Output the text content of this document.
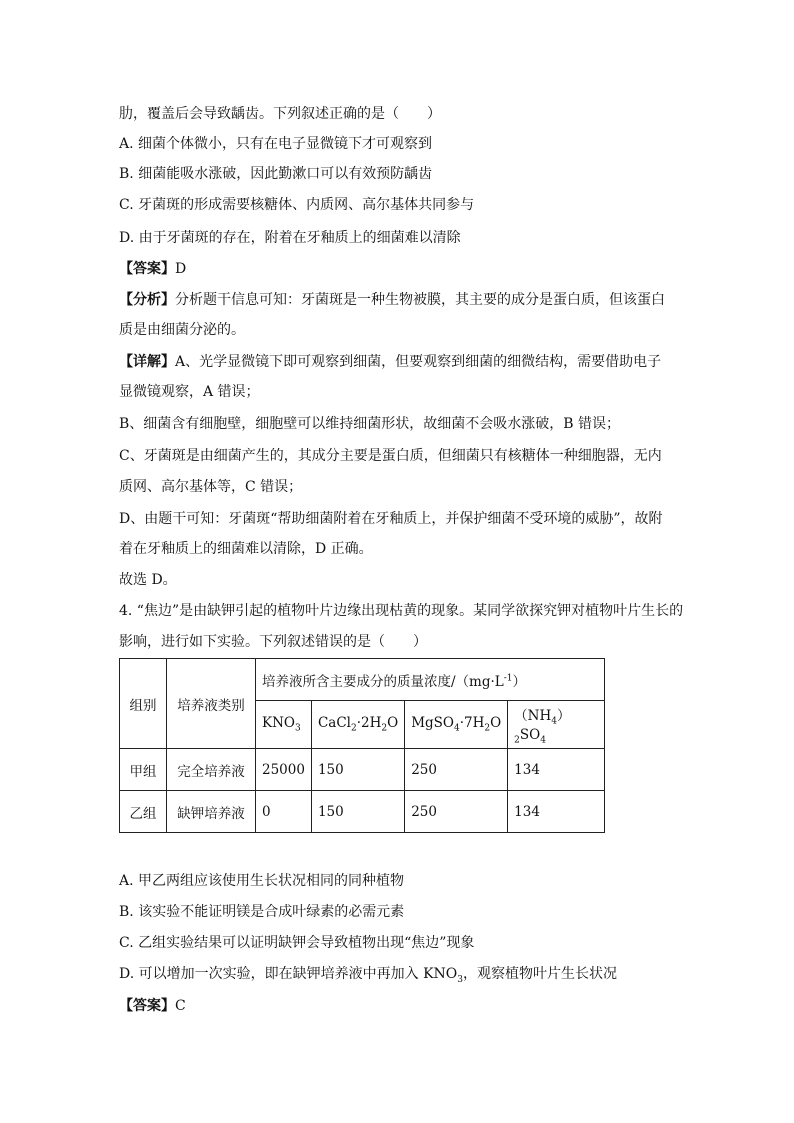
肋，覆盖后会导致龋齿。下列叙述正确的是（　　）
A. 细菌个体微小，只有在电子显微镜下才可观察到
B. 细菌能吸水涨破，因此勤漱口可以有效预防龋齿
C. 牙菌斑的形成需要核糖体、内质网、高尔基体共同参与
D. 由于牙菌斑的存在，附着在牙釉质上的细菌难以清除
【答案】D
【分析】分析题干信息可知：牙菌斑是一种生物被膜，其主要的成分是蛋白质，但该蛋白
质是由细菌分泌的。
【详解】A、光学显微镜下即可观察到细菌，但要观察到细菌的细微结构，需要借助电子
显微镜观察，A 错误；
B、细菌含有细胞壁，细胞壁可以维持细菌形状，故细菌不会吸水涨破，B 错误；
C、牙菌斑是由细菌产生的，其成分主要是蛋白质，但细菌只有核糖体一种细胞器，无内
质网、高尔基体等，C 错误；
D、由题干可知：牙菌斑“帮助细菌附着在牙釉质上，并保护细菌不受环境的威胁”，故附
着在牙釉质上的细菌难以清除，D 正确。
故选 D。
4. “焦边”是由缺钾引起的植物叶片边缘出现枯黄的现象。某同学欲探究钾对植物叶片生长的
影响，进行如下实验。下列叙述错误的是（　　）
组别	培养液类别	培养液所含主要成分的质量浓度$/(mg\cdot L^{-1})$			
		$KNO_3$	$CaCl_2\cdot 2H_2O$	$MgSO_4\cdot 7H_2O$	$(NH_4)_2SO_4$
甲组	完全培养液	25000	150	250	134
乙组	缺钾培养液	0	150	250	134
A. 甲乙两组应该使用生长状况相同的同种植物
B. 该实验不能证明镁是合成叶绿素的必需元素
C. 乙组实验结果可以证明缺钾会导致植物出现“焦边”现象
D. 可以增加一次实验，即在缺钾培养液中再加入 $KNO_3$，观察植物叶片生长状况
【答案】C
